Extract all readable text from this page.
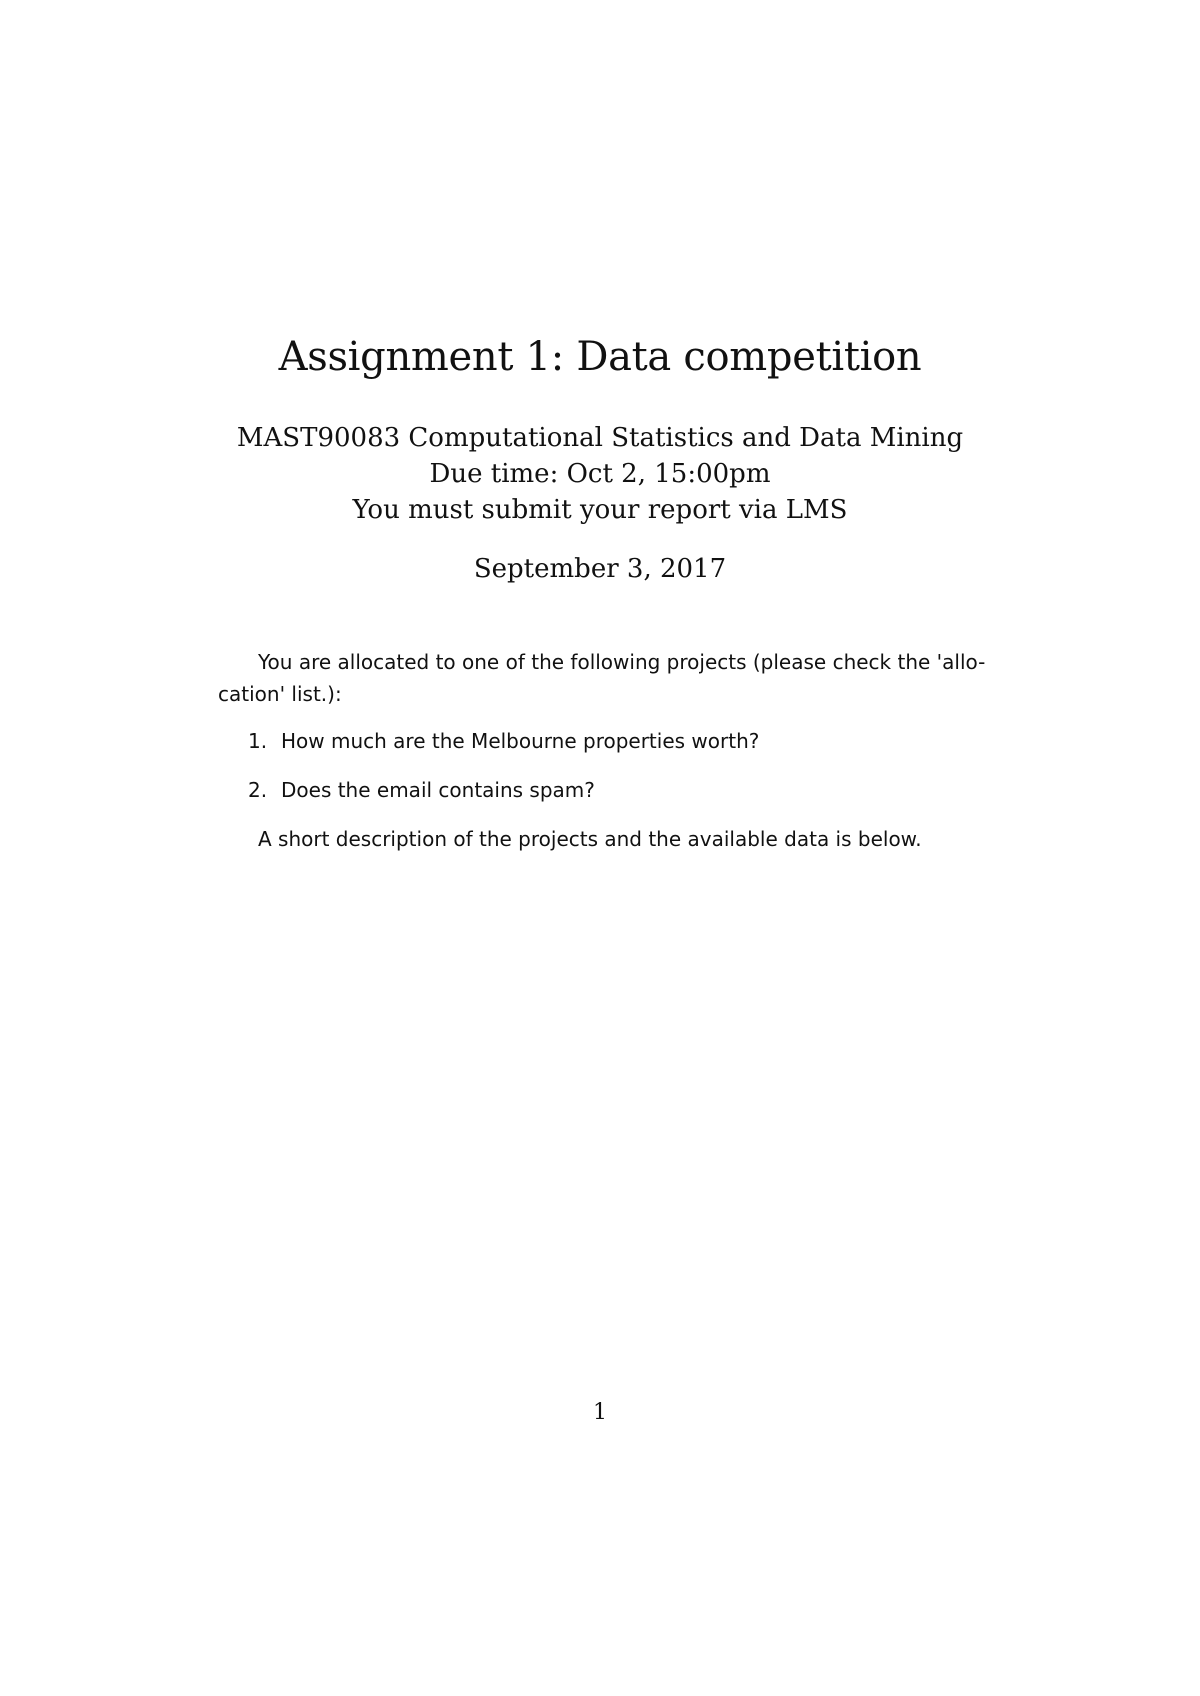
Assignment 1: Data competition
MAST90083 Computational Statistics and Data Mining
Due time: Oct 2, 15:00pm
You must submit your report via LMS
September 3, 2017
You are allocated to one of the following projects (please check the 'allo- cation' list.):
1. How much are the Melbourne properties worth?
2. Does the email contains spam?
A short description of the projects and the available data is below.
1
